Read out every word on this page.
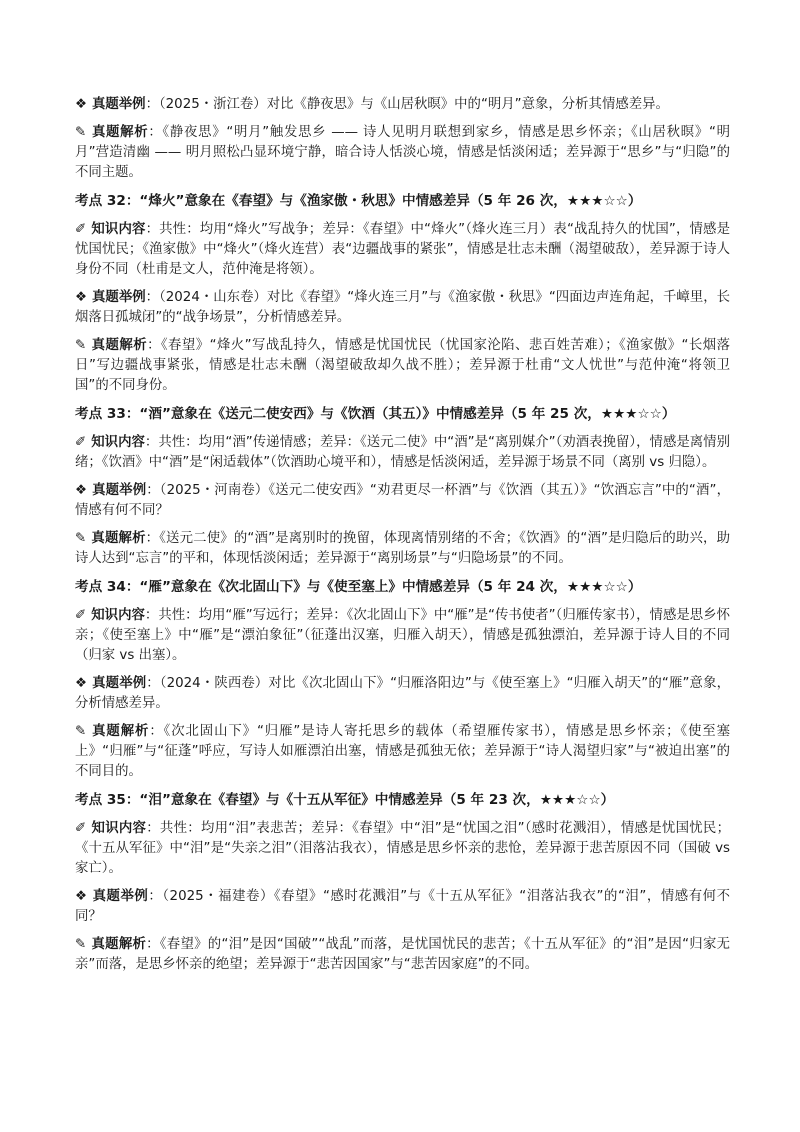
❖ 真题举例：（2025・浙江卷）对比《静夜思》与《山居秋暝》中的“明月”意象，分析其情感差异。

✎ 真题解析：《静夜思》“明月”触发思乡 —— 诗人见明月联想到家乡，情感是思乡怀亲；《山居秋暝》“明月”营造清幽 —— 明月照松凸显环境宁静，暗合诗人恬淡心境，情感是恬淡闲适；差异源于“思乡”与“归隐”的不同主题。

考点 32：“烽火”意象在《春望》与《渔家傲・秋思》中情感差异（5 年 26 次，★★★☆☆）

✐ 知识内容：共性：均用“烽火”写战争；差异：《春望》中“烽火”（烽火连三月）表“战乱持久的忧国”，情感是忧国忧民；《渔家傲》中“烽火”（烽火连营）表“边疆战事的紧张”，情感是壮志未酬（渴望破敌），差异源于诗人身份不同（杜甫是文人，范仲淹是将领）。

❖ 真题举例：（2024・山东卷）对比《春望》“烽火连三月”与《渔家傲・秋思》“四面边声连角起，千嶂里，长烟落日孤城闭”的“战争场景”，分析情感差异。

✎ 真题解析：《春望》“烽火”写战乱持久，情感是忧国忧民（忧国家沦陷、悲百姓苦难）；《渔家傲》“长烟落日”写边疆战事紧张，情感是壮志未酬（渴望破敌却久战不胜）；差异源于杜甫“文人忧世”与范仲淹“将领卫国”的不同身份。

考点 33：“酒”意象在《送元二使安西》与《饮酒（其五）》中情感差异（5 年 25 次，★★★☆☆）

✐ 知识内容：共性：均用“酒”传递情感；差异：《送元二使》中“酒”是“离别媒介”（劝酒表挽留），情感是离情别绪；《饮酒》中“酒”是“闲适载体”（饮酒助心境平和），情感是恬淡闲适，差异源于场景不同（离别 vs 归隐）。

❖ 真题举例：（2025・河南卷）《送元二使安西》“劝君更尽一杯酒”与《饮酒（其五）》“饮酒忘言”中的“酒”，情感有何不同？

✎ 真题解析：《送元二使》的“酒”是离别时的挽留，体现离情别绪的不舍；《饮酒》的“酒”是归隐后的助兴，助诗人达到“忘言”的平和，体现恬淡闲适；差异源于“离别场景”与“归隐场景”的不同。

考点 34：“雁”意象在《次北固山下》与《使至塞上》中情感差异（5 年 24 次，★★★☆☆）

✐ 知识内容：共性：均用“雁”写远行；差异：《次北固山下》中“雁”是“传书使者”（归雁传家书），情感是思乡怀亲；《使至塞上》中“雁”是“漂泊象征”（征蓬出汉塞，归雁入胡天），情感是孤独漂泊，差异源于诗人目的不同（归家 vs 出塞）。

❖ 真题举例：（2024・陕西卷）对比《次北固山下》“归雁洛阳边”与《使至塞上》“归雁入胡天”的“雁”意象，分析情感差异。

✎ 真题解析：《次北固山下》“归雁”是诗人寄托思乡的载体（希望雁传家书），情感是思乡怀亲；《使至塞上》“归雁”与“征蓬”呼应，写诗人如雁漂泊出塞，情感是孤独无依；差异源于“诗人渴望归家”与“被迫出塞”的不同目的。

考点 35：“泪”意象在《春望》与《十五从军征》中情感差异（5 年 23 次，★★★☆☆）

✐ 知识内容：共性：均用“泪”表悲苦；差异：《春望》中“泪”是“忧国之泪”（感时花溅泪），情感是忧国忧民；《十五从军征》中“泪”是“失亲之泪”（泪落沾我衣），情感是思乡怀亲的悲怆，差异源于悲苦原因不同（国破 vs 家亡）。

❖ 真题举例：（2025・福建卷）《春望》“感时花溅泪”与《十五从军征》“泪落沾我衣”的“泪”，情感有何不同？

✎ 真题解析：《春望》的“泪”是因“国破”“战乱”而落，是忧国忧民的悲苦；《十五从军征》的“泪”是因“归家无亲”而落，是思乡怀亲的绝望；差异源于“悲苦因国家”与“悲苦因家庭”的不同。
